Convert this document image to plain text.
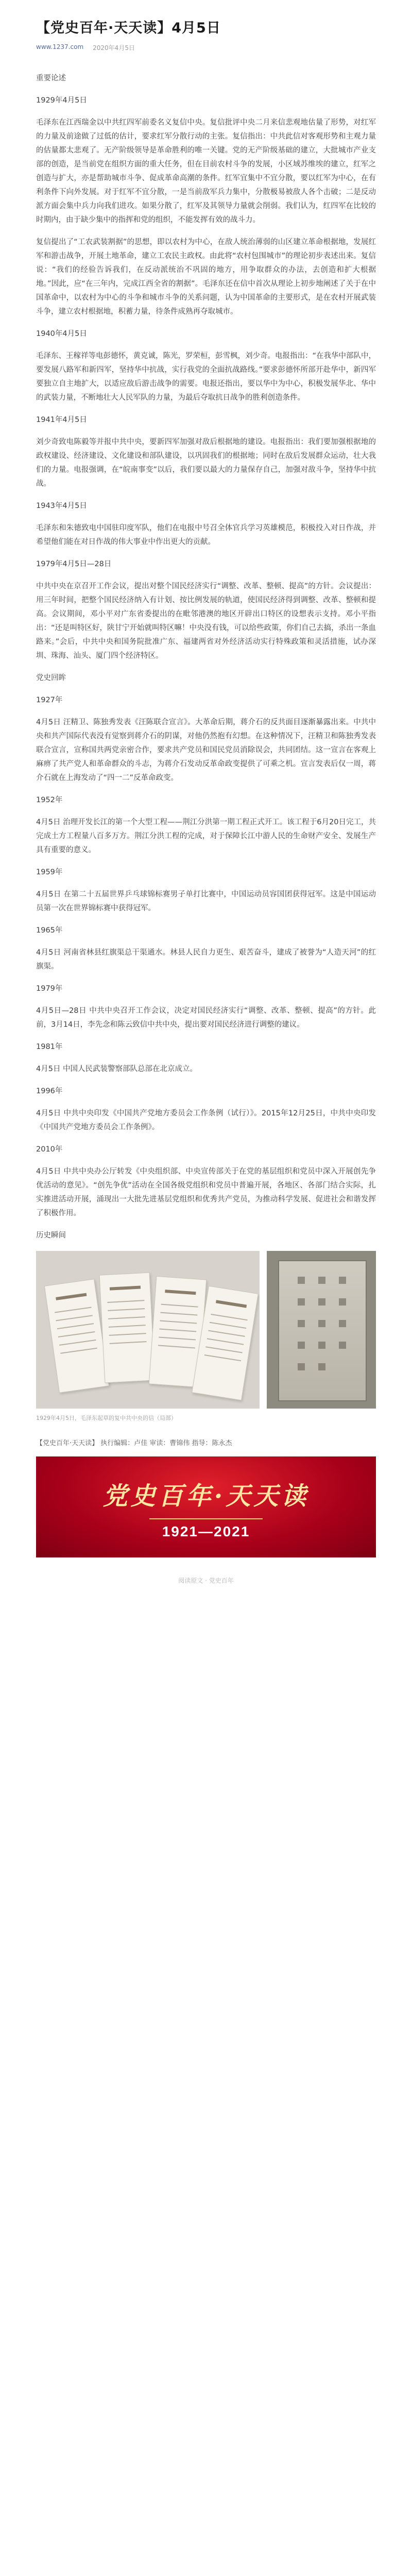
【党史百年·天天读】4月5日
www.1237.com 2020年4月5日
重要论述
1929年4月5日
毛泽东在江西瑞金以中共红四军前委名义复信中央。复信批评中央二月来信悲观地估量了形势，对红军的力量及前途做了过低的估计，要求红军分散行动的主张。复信指出：中共此信对客观形势和主观力量的估量都太悲观了。无产阶级领导是革命胜利的唯一关键。党的无产阶级基础的建立，大批城市产业支部的创造，是当前党在组织方面的重大任务，但在目前农村斗争的发展，小区域苏维埃的建立，红军之创造与扩大，亦是帮助城市斗争、促成革命高潮的条件。红军宜集中不宜分散，要以红军为中心，在有利条件下向外发展。对于红军不宜分散，一是当前敌军兵力集中，分散极易被敌人各个击破；二是反动派方面会集中兵力向我们进攻。如果分散了，红军及其领导力量就会削弱。我们认为，红四军在比较的时期内，由于缺少集中的指挥和党的组织，不能发挥有效的战斗力。
复信提出了“工农武装割据”的思想，即以农村为中心，在敌人统治薄弱的山区建立革命根据地，发展红军和游击战争，开展土地革命，建立工农民主政权。由此将“农村包围城市”的理论初步表述出来。复信说：“我们的经验告诉我们，在反动派统治不巩固的地方，用争取群众的办法，去创造和扩大根据地。”因此，应“在三年内，完成江西全省的割据”。毛泽东还在信中首次从理论上初步地阐述了关于在中国革命中，以农村为中心的斗争和城市斗争的关系问题，认为中国革命的主要形式，是在农村开展武装斗争，建立农村根据地，积蓄力量，待条件成熟再夺取城市。
1940年4月5日
毛泽东、王稼祥等电彭德怀，黄克诚，陈光，罗荣桓，彭雪枫，刘少奇。电报指出：“在我华中部队中，要发展八路军和新四军，坚持华中抗战，实行我党的全面抗战路线。”要求彭德怀所部开赴华中，新四军要独立自主地扩大，以适应敌后游击战争的需要。电报还指出，要以华中为中心，积极发展华北、华中的武装力量，不断地壮大人民军队的力量，为最后夺取抗日战争的胜利创造条件。
1941年4月5日
刘少奇致电陈毅等并报中共中央，要新四军加强对敌后根据地的建设。电报指出：我们要加强根据地的政权建设、经济建设、文化建设和部队建设，以巩固我们的根据地；同时在敌后发展群众运动，壮大我们的力量。电报强调，在“皖南事变”以后，我们要以最大的力量保存自己，加强对敌斗争，坚持华中抗战。
1943年4月5日
毛泽东和朱德致电中国驻印度军队，他们在电报中号召全体官兵学习英雄模范，积极投入对日作战，并希望他们能在对日作战的伟大事业中作出更大的贡献。
1979年4月5日—28日
中共中央在京召开工作会议，提出对整个国民经济实行“调整、改革、整顿、提高”的方针。会议提出：用三年时间，把整个国民经济纳入有计划、按比例发展的轨道，使国民经济得到调整、改革、整顿和提高。会议期间，邓小平对广东省委提出的在毗邻港澳的地区开辟出口特区的设想表示支持。邓小平指出：“还是叫特区好，陕甘宁开始就叫特区嘛！中央没有钱，可以给些政策，你们自己去搞，杀出一条血路来。”会后，中共中央和国务院批准广东、福建两省对外经济活动实行特殊政策和灵活措施，试办深圳、珠海、汕头、厦门四个经济特区。
党史回眸
1927年
4月5日 汪精卫、陈独秀发表《汪陈联合宣言》。大革命后期，蒋介石的反共面目逐渐暴露出来。中共中央和共产国际代表没有觉察到蒋介石的阴谋，对他仍然抱有幻想。在这种情况下，汪精卫和陈独秀发表联合宣言，宣称国共两党亲密合作，要求共产党员和国民党员消除误会，共同团结。这一宣言在客观上麻痹了共产党人和革命群众的斗志，为蒋介石发动反革命政变提供了可乘之机。宣言发表后仅一周，蒋介石就在上海发动了“四一二”反革命政变。
1952年
4月5日 治理开发长江的第一个大型工程——荆江分洪第一期工程正式开工。该工程于6月20日完工，共完成土方工程量八百多万方。荆江分洪工程的完成，对于保障长江中游人民的生命财产安全、发展生产具有重要的意义。
1959年
4月5日 在第二十五届世界乒乓球锦标赛男子单打比赛中，中国运动员容国团获得冠军。这是中国运动员第一次在世界锦标赛中获得冠军。
1965年
4月5日 河南省林县红旗渠总干渠通水。林县人民自力更生、艰苦奋斗，建成了被誉为“人造天河”的红旗渠。
1979年
4月5日—28日 中共中央召开工作会议，决定对国民经济实行“调整、改革、整顿、提高”的方针。此前，3月14日，李先念和陈云致信中共中央，提出要对国民经济进行调整的建议。
1981年
4月5日 中国人民武装警察部队总部在北京成立。
1996年
4月5日 中共中央印发《中国共产党地方委员会工作条例（试行）》。2015年12月25日，中共中央印发《中国共产党地方委员会工作条例》。
2010年
4月5日 中共中央办公厅转发《中央组织部、中央宣传部关于在党的基层组织和党员中深入开展创先争优活动的意见》。“创先争优”活动在全国各级党组织和党员中普遍开展，各地区、各部门结合实际，扎实推进活动开展，涌现出一大批先进基层党组织和优秀共产党员，为推动科学发展、促进社会和谐发挥了积极作用。
历史瞬间
1929年4月5日，毛泽东起草的复中共中央的信（局部）
【党史百年·天天读】 执行编辑：卢佳 审读：曹锦伟 指导：陈永杰
党史百年·天天读
1921—2021
阅读原文 · 党史百年
